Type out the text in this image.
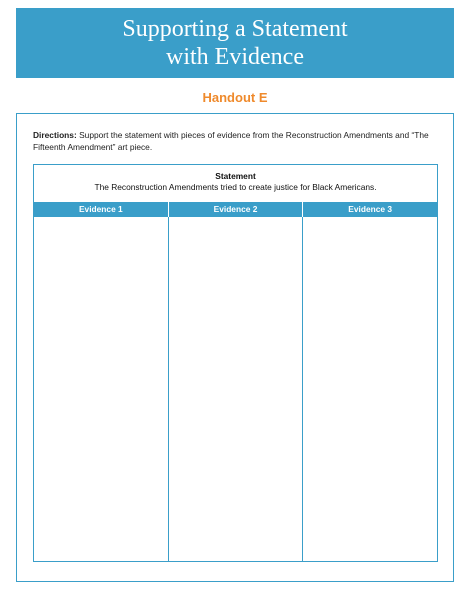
Supporting a Statement
with Evidence
Handout E
Directions: Support the statement with pieces of evidence from the Reconstruction Amendments and “The Fifteenth Amendment” art piece.
Statement
The Reconstruction Amendments tried to create justice for Black Americans.
Evidence 1	Evidence 2	Evidence 3
